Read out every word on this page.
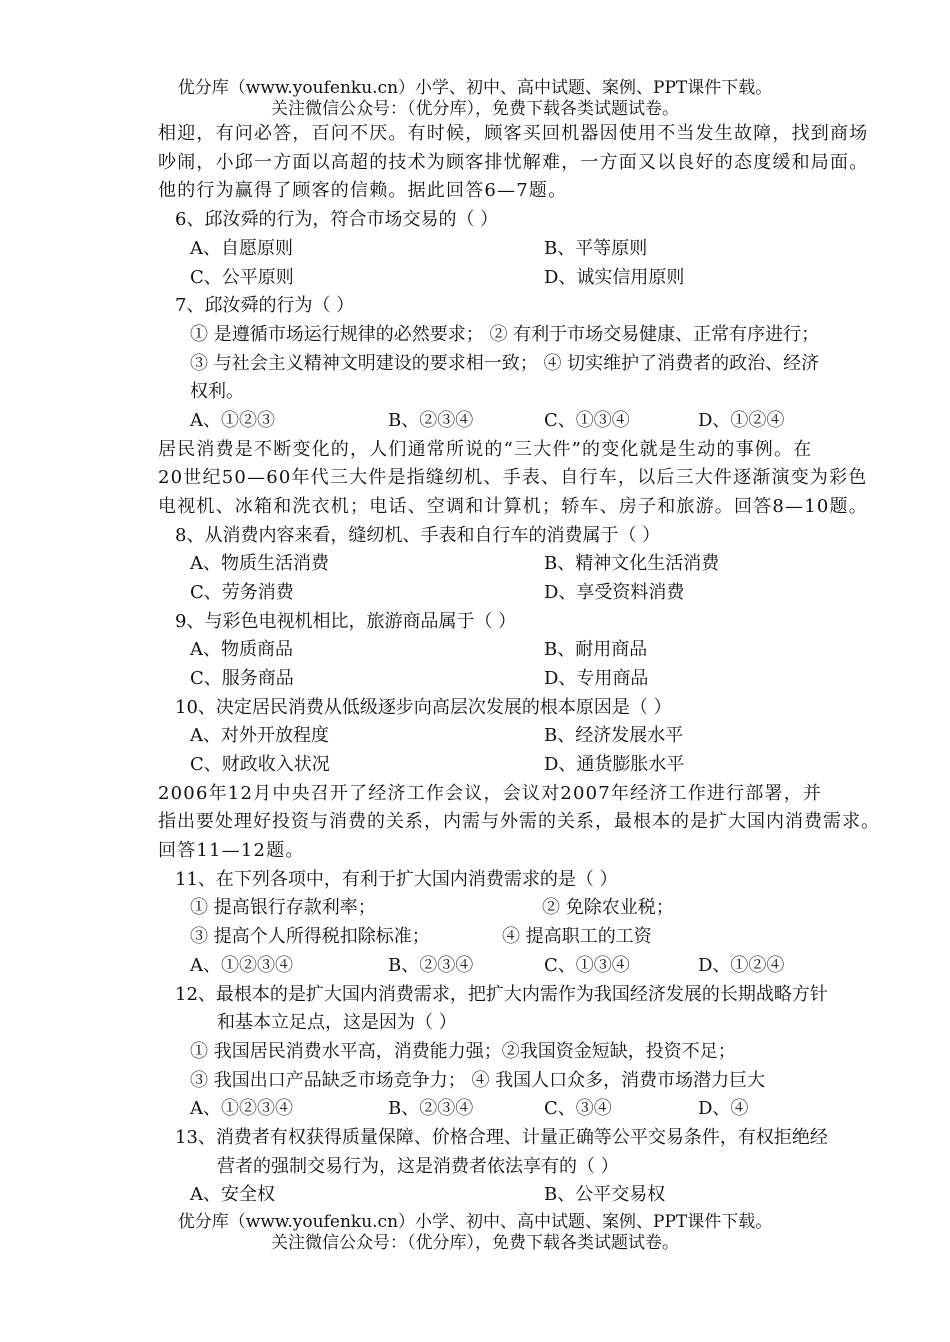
优分库（www.youfenku.cn）小学、初中、高中试题、案例、PPT课件下载。
关注微信公众号：（优分库），免费下载各类试题试卷。
相迎，有问必答，百问不厌。有时候，顾客买回机器因使用不当发生故障，找到商场
吵闹，小邱一方面以高超的技术为顾客排忧解难，一方面又以良好的态度缓和局面。
他的行为赢得了顾客的信赖。据此回答6—7题。
6、邱汝舜的行为，符合市场交易的（ ）
A、自愿原则	B、平等原则
C、公平原则	D、诚实信用原则
7、邱汝舜的行为（ ）
① 是遵循市场运行规律的必然要求； ② 有利于市场交易健康、正常有序进行；
③ 与社会主义精神文明建设的要求相一致； ④ 切实维护了消费者的政治、经济
权利。
A、①②③	B、②③④	C、①③④	D、①②④
居民消费是不断变化的，人们通常所说的“三大件”的变化就是生动的事例。在
20世纪50—60年代三大件是指缝纫机、手表、自行车，以后三大件逐渐演变为彩色
电视机、冰箱和洗衣机；电话、空调和计算机；轿车、房子和旅游。回答8—10题。
8、从消费内容来看，缝纫机、手表和自行车的消费属于（ ）
A、物质生活消费	B、精神文化生活消费
C、劳务消费	D、享受资料消费
9、与彩色电视机相比，旅游商品属于（ ）
A、物质商品	B、耐用商品
C、服务商品	D、专用商品
10、决定居民消费从低级逐步向高层次发展的根本原因是（ ）
A、对外开放程度	B、经济发展水平
C、财政收入状况	D、通货膨胀水平
2006年12月中央召开了经济工作会议，会议对2007年经济工作进行部署，并
指出要处理好投资与消费的关系，内需与外需的关系，最根本的是扩大国内消费需求。
回答11—12题。
11、在下列各项中，有利于扩大国内消费需求的是（ ）
① 提高银行存款利率；	② 免除农业税；
③ 提高个人所得税扣除标准；	④ 提高职工的工资
A、①②③④	B、②③④	C、①③④	D、①②④
12、最根本的是扩大国内消费需求，把扩大内需作为我国经济发展的长期战略方针
和基本立足点，这是因为（ ）
① 我国居民消费水平高，消费能力强；②我国资金短缺，投资不足；
③ 我国出口产品缺乏市场竞争力； ④ 我国人口众多，消费市场潜力巨大
A、①②③④	B、②③④	C、③④	D、④
13、消费者有权获得质量保障、价格合理、计量正确等公平交易条件，有权拒绝经
营者的强制交易行为，这是消费者依法享有的（ ）
A、安全权	B、公平交易权
优分库（www.youfenku.cn）小学、初中、高中试题、案例、PPT课件下载。
关注微信公众号：（优分库），免费下载各类试题试卷。
